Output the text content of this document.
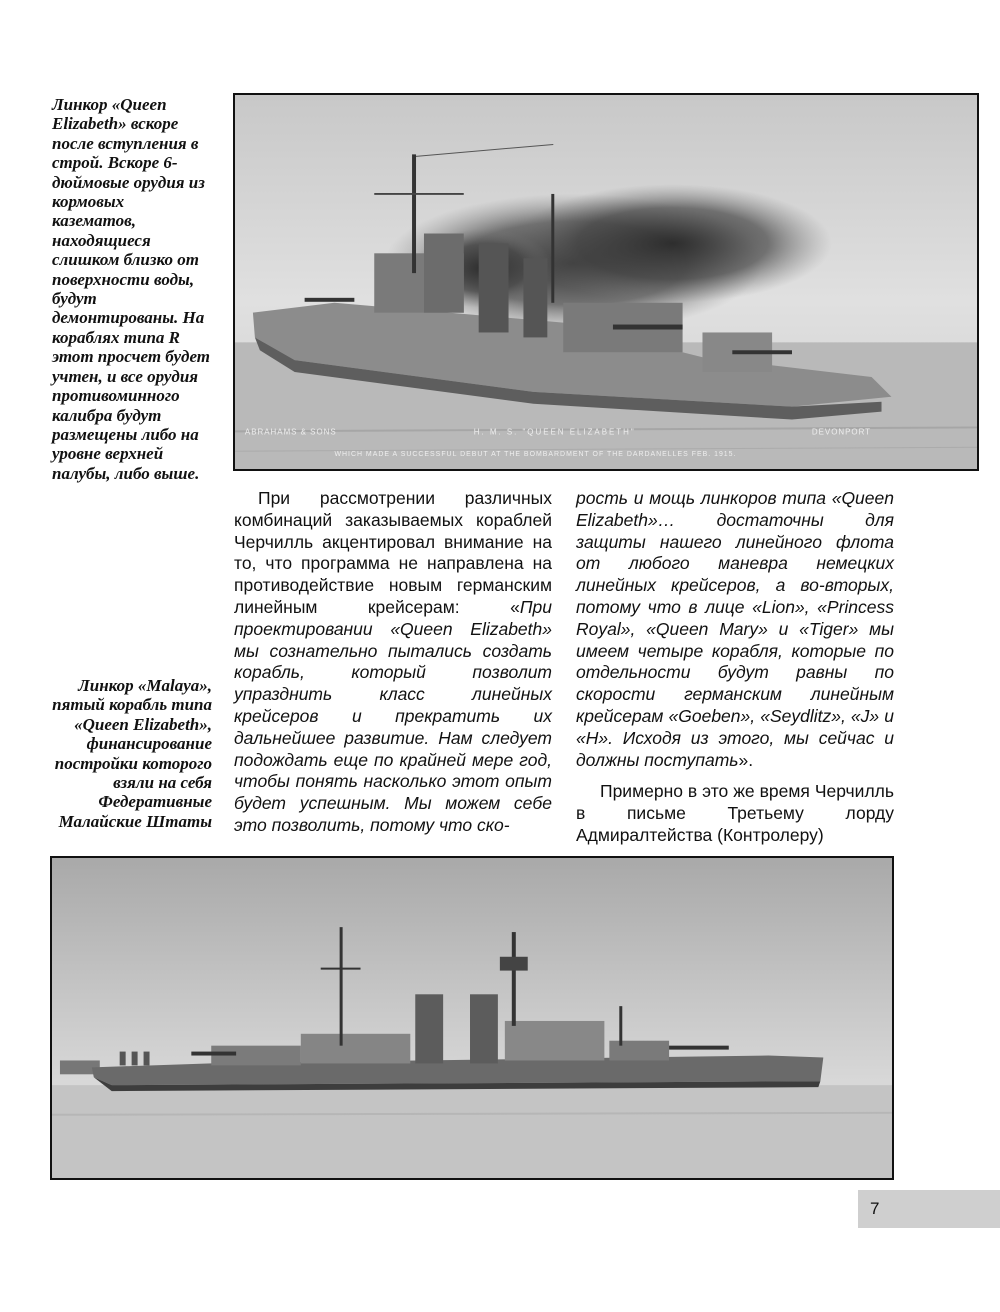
Линкор «Queen Elizabeth» вскоре после вступления в строй. Вскоре 6-дюймовые орудия из кормовых казематов, находящиеся слишком близко от поверхности воды, будут демонтированы. На кораблях типа R этот просчет будет учтен, и все орудия противоминного калибра будут размещены либо на уровне верхней палубы, либо выше.

ABRAHAMS & SONS	H. M. S. "QUEEN ELIZABETH"	DEVONPORT
WHICH MADE A SUCCESSFUL DEBUT AT THE BOMBARDMENT OF THE DARDANELLES FEB. 1915.

При рассмотрении различных комбинаций заказываемых кораблей Черчилль акцентировал внимание на то, что программа не направлена на противодействие новым германским линейным крейсерам: «При проектировании «Queen Elizabeth» мы сознательно пытались создать корабль, который позволит упразднить класс линейных крейсеров и прекратить их дальнейшее развитие. Нам следует подождать еще по крайней мере год, чтобы понять насколько этот опыт будет успешным. Мы можем себе это позволить, потому что ско-

Линкор «Malaya», пятый корабль типа «Queen Elizabeth», финансирование постройки которого взяли на себя Федеративные Малайские Штаты

рость и мощь линкоров типа «Queen Elizabeth»… достаточны для защиты нашего линейного флота от любого маневра немецких линейных крейсеров, а во-вторых, потому что в лице «Lion», «Princess Royal», «Queen Mary» и «Tiger» мы имеем четыре корабля, которые по отдельности будут равны по скорости германским линейным крейсерам «Goeben», «Seydlitz», «J» и «H». Исходя из этого, мы сейчас и должны поступать».

Примерно в это же время Черчилль в письме Третьему лорду Адмиралтейства (Контролеру)

7
